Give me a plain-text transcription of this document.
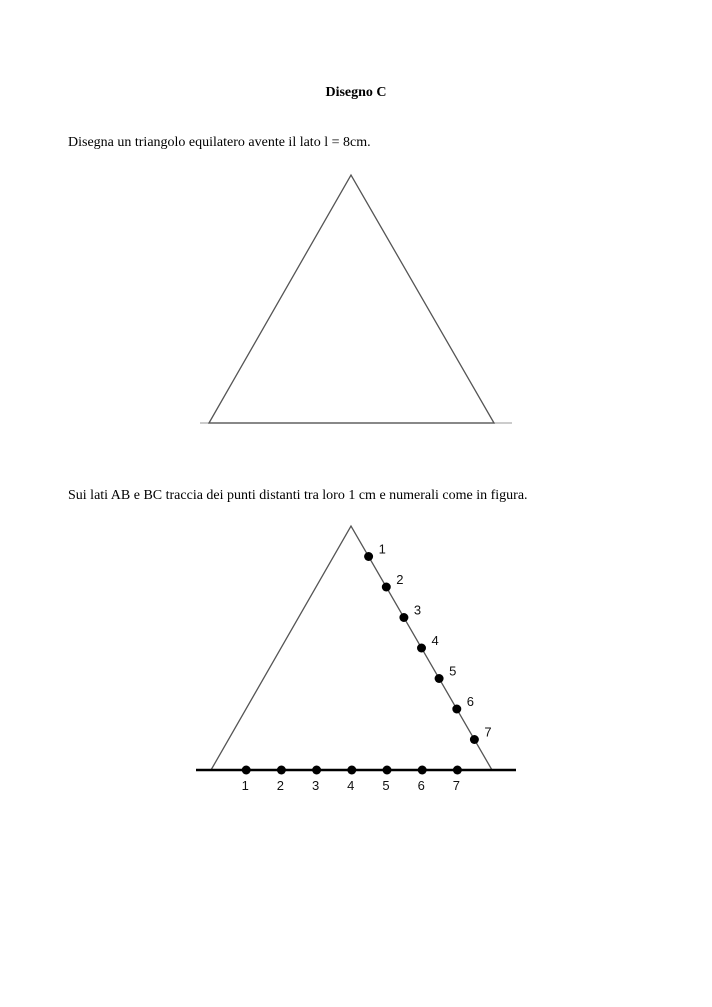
Disegno C
Disegna un triangolo equilatero avente il lato l = 8cm.
Sui lati AB e BC traccia dei punti distanti tra loro 1 cm e numerali come in figura.
1
2
3
4
5
6
7
1 2 3 4 5 6 7
